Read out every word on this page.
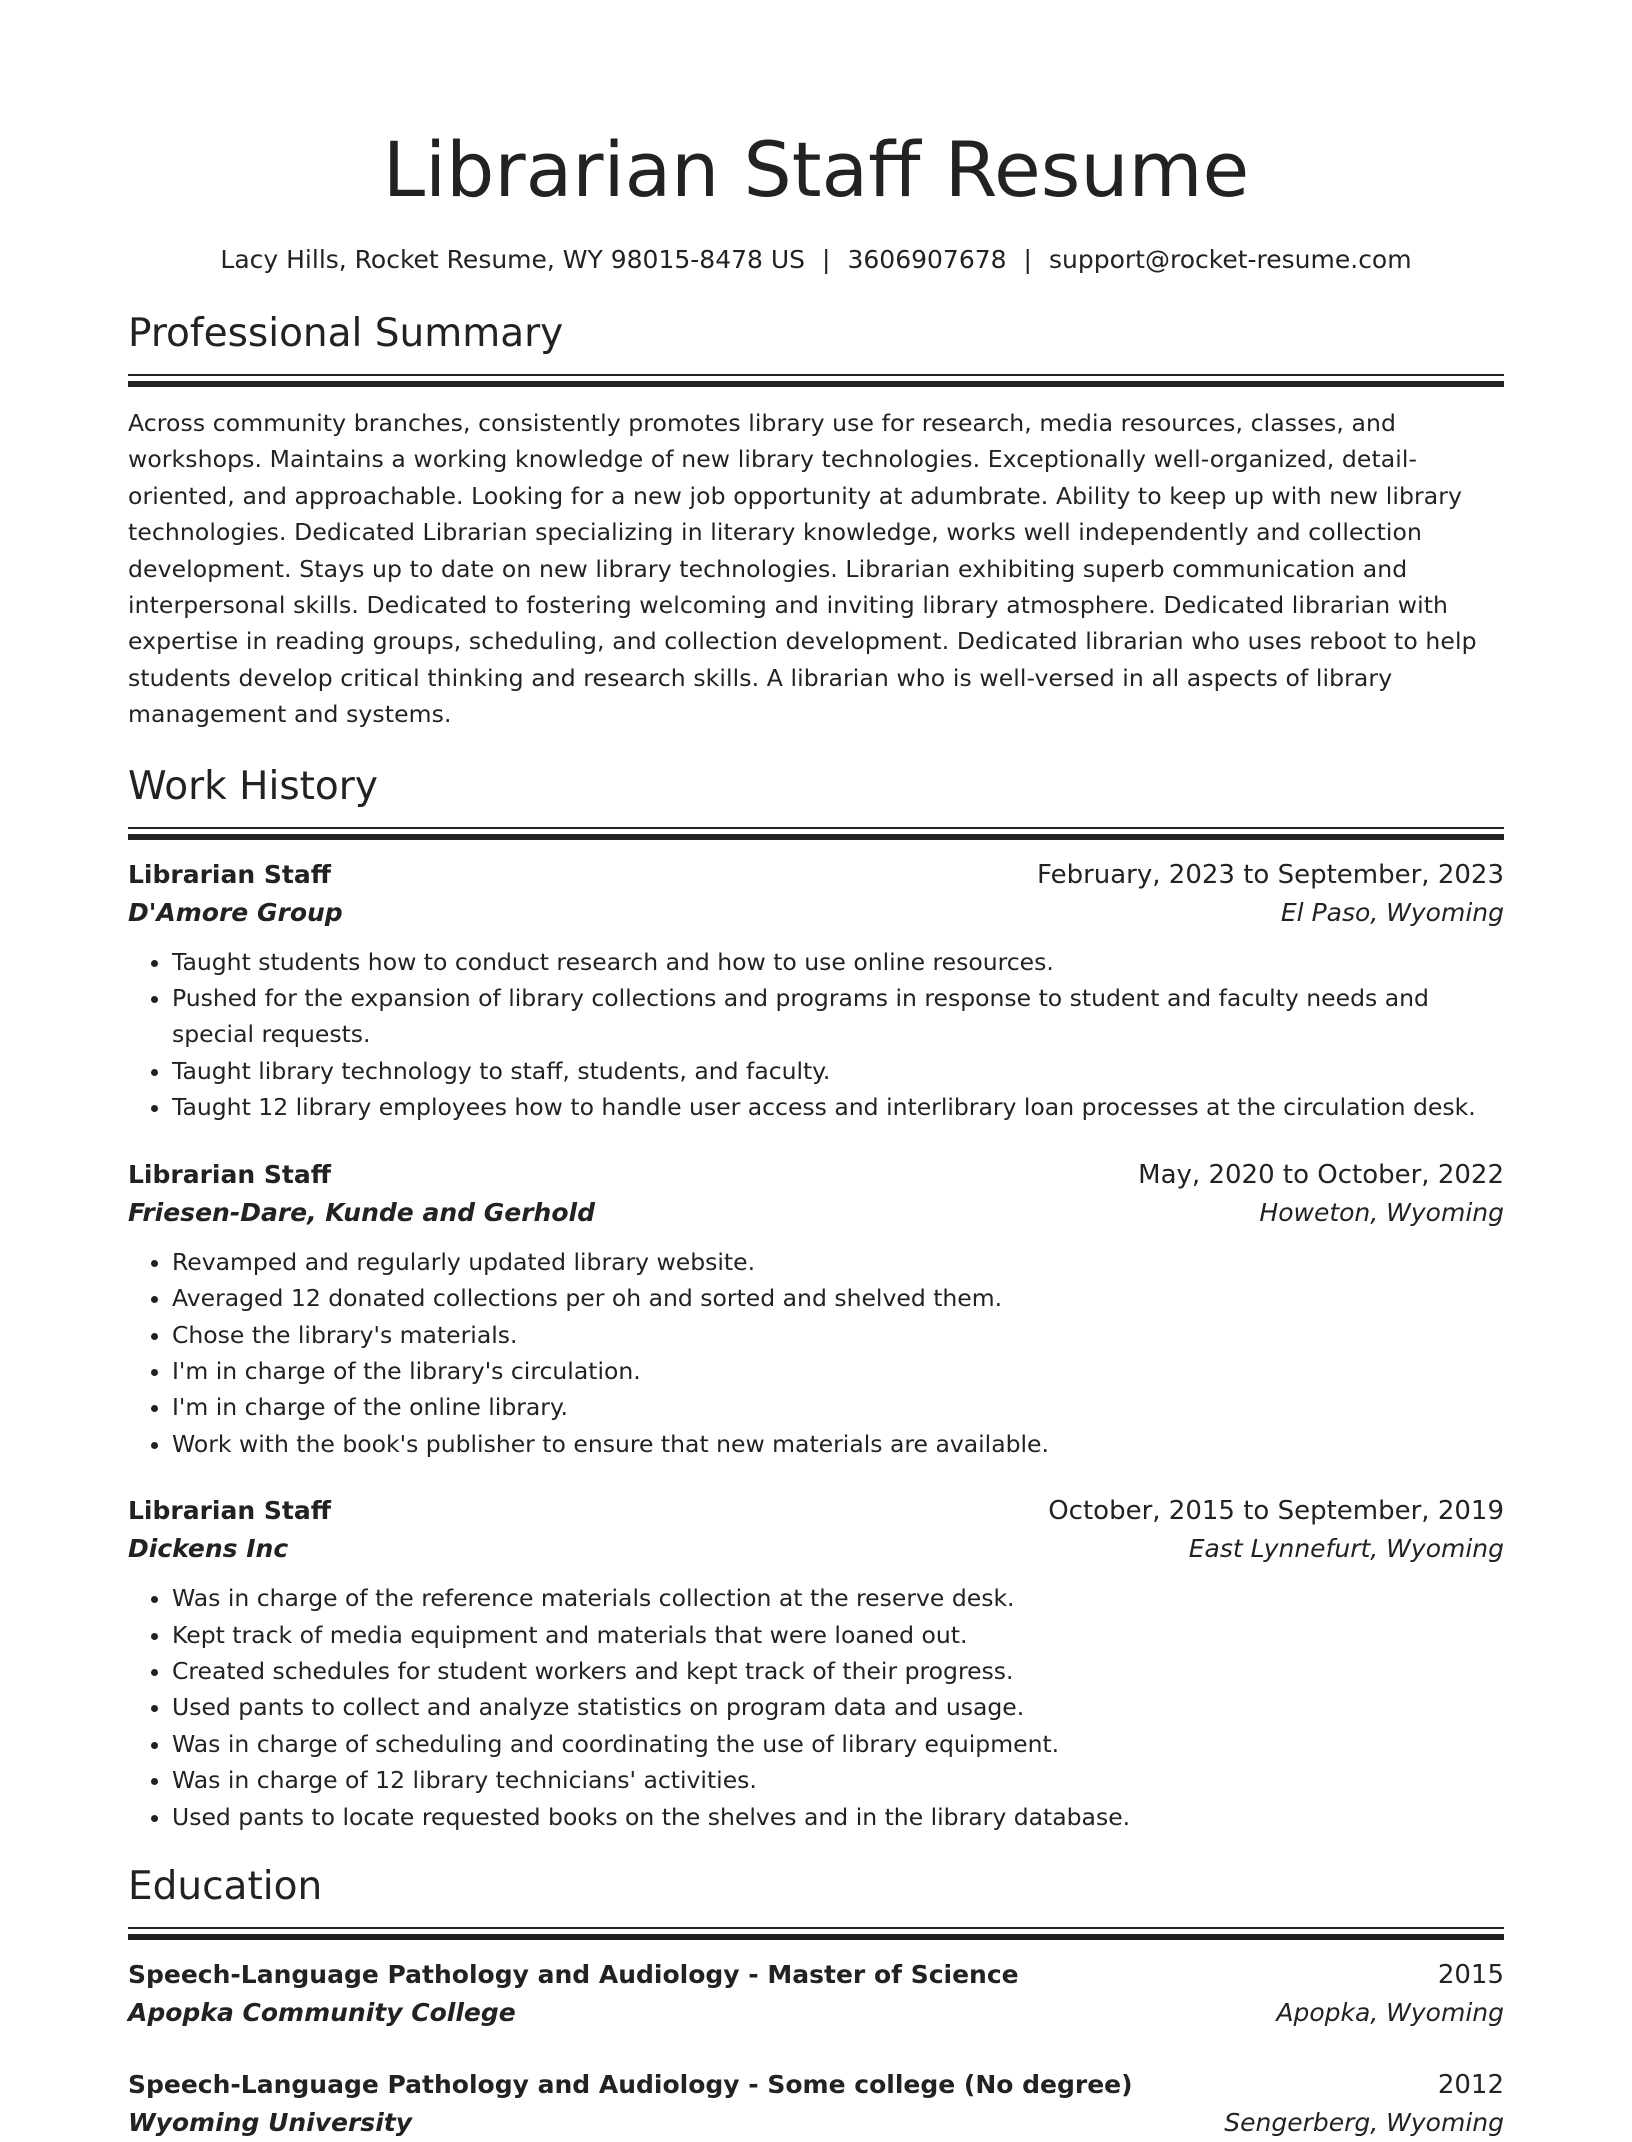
Librarian Staff Resume
Lacy Hills, Rocket Resume, WY 98015-8478 US | 3606907678 | support@rocket-resume.com
Professional Summary

Across community branches, consistently promotes library use for research, media resources, classes, and workshops. Maintains a working knowledge of new library technologies. Exceptionally well-organized, detail-oriented, and approachable. Looking for a new job opportunity at adumbrate. Ability to keep up with new library technologies. Dedicated Librarian specializing in literary knowledge, works well independently and collection development. Stays up to date on new library technologies. Librarian exhibiting superb communication and interpersonal skills. Dedicated to fostering welcoming and inviting library atmosphere. Dedicated librarian with expertise in reading groups, scheduling, and collection development. Dedicated librarian who uses reboot to help students develop critical thinking and research skills. A librarian who is well-versed in all aspects of library management and systems.

Work History
Librarian Staff	February, 2023 to September, 2023
D'Amore Group	El Paso, Wyoming
• Taught students how to conduct research and how to use online resources.
• Pushed for the expansion of library collections and programs in response to student and faculty needs and special requests.
• Taught library technology to staff, students, and faculty.
• Taught 12 library employees how to handle user access and interlibrary loan processes at the circulation desk.
Librarian Staff	May, 2020 to October, 2022
Friesen-Dare, Kunde and Gerhold	Howeton, Wyoming
• Revamped and regularly updated library website.
• Averaged 12 donated collections per oh and sorted and shelved them.
• Chose the library's materials.
• I'm in charge of the library's circulation.
• I'm in charge of the online library.
• Work with the book's publisher to ensure that new materials are available.
Librarian Staff	October, 2015 to September, 2019
Dickens Inc	East Lynnefurt, Wyoming
• Was in charge of the reference materials collection at the reserve desk.
• Kept track of media equipment and materials that were loaned out.
• Created schedules for student workers and kept track of their progress.
• Used pants to collect and analyze statistics on program data and usage.
• Was in charge of scheduling and coordinating the use of library equipment.
• Was in charge of 12 library technicians' activities.
• Used pants to locate requested books on the shelves and in the library database.
Education
Speech-Language Pathology and Audiology - Master of Science	2015
Apopka Community College	Apopka, Wyoming
Speech-Language Pathology and Audiology - Some college (No degree)	2012
Wyoming University	Sengerberg, Wyoming
